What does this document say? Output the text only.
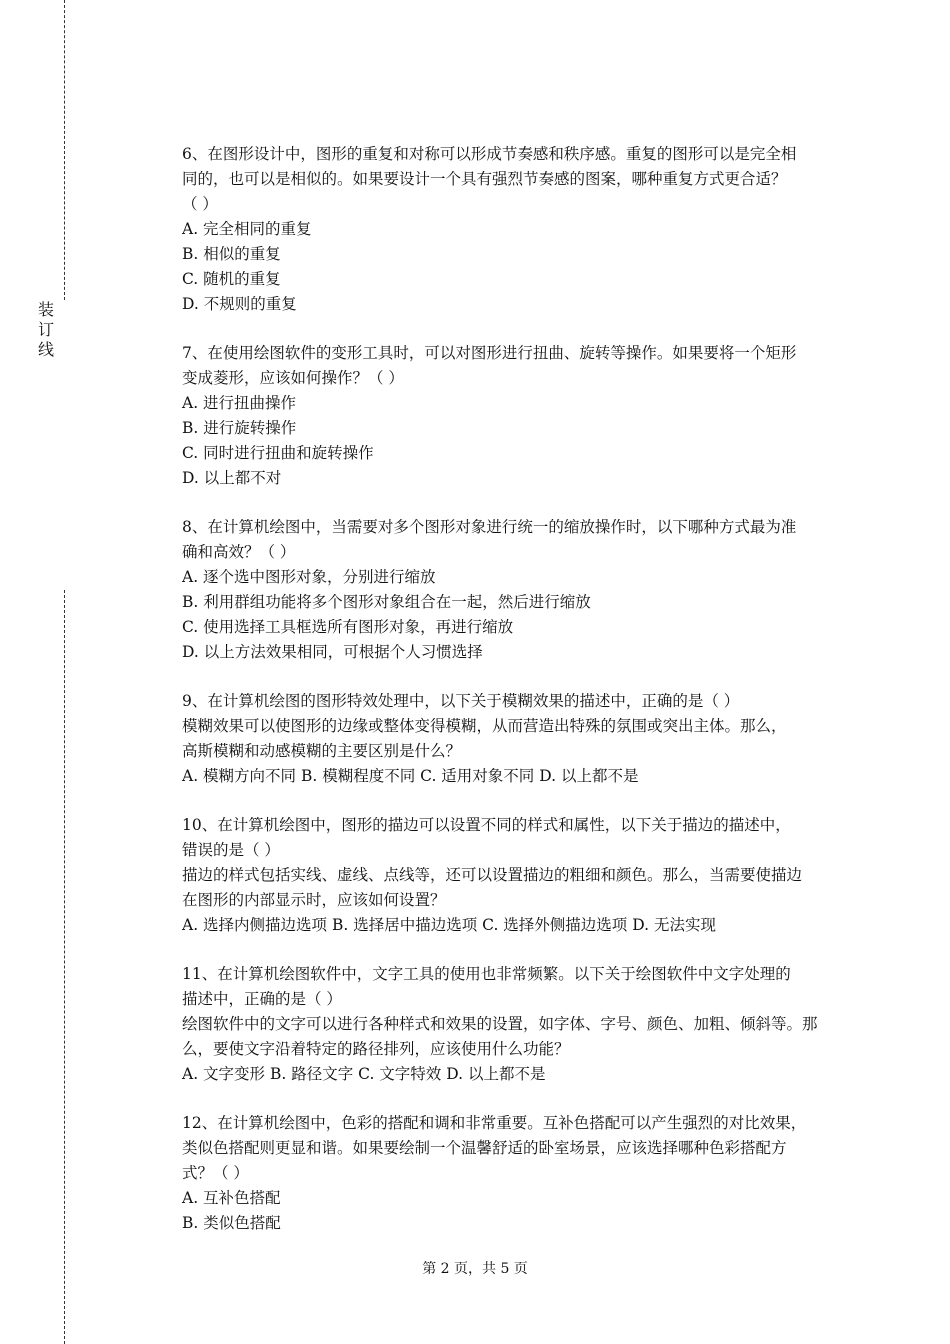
装
订
线
6、在图形设计中，图形的重复和对称可以形成节奏感和秩序感。重复的图形可以是完全相
同的，也可以是相似的。如果要设计一个具有强烈节奏感的图案，哪种重复方式更合适？
（ ）
A. 完全相同的重复
B. 相似的重复
C. 随机的重复
D. 不规则的重复
7、在使用绘图软件的变形工具时，可以对图形进行扭曲、旋转等操作。如果要将一个矩形
变成菱形，应该如何操作？（ ）
A. 进行扭曲操作
B. 进行旋转操作
C. 同时进行扭曲和旋转操作
D. 以上都不对
8、在计算机绘图中，当需要对多个图形对象进行统一的缩放操作时，以下哪种方式最为准
确和高效？（ ）
A. 逐个选中图形对象，分别进行缩放
B. 利用群组功能将多个图形对象组合在一起，然后进行缩放
C. 使用选择工具框选所有图形对象，再进行缩放
D. 以上方法效果相同，可根据个人习惯选择
9、在计算机绘图的图形特效处理中，以下关于模糊效果的描述中，正确的是（ ）
模糊效果可以使图形的边缘或整体变得模糊，从而营造出特殊的氛围或突出主体。那么，
高斯模糊和动感模糊的主要区别是什么？
A. 模糊方向不同 B. 模糊程度不同 C. 适用对象不同 D. 以上都不是
10、在计算机绘图中，图形的描边可以设置不同的样式和属性，以下关于描边的描述中，
错误的是（ ）
描边的样式包括实线、虚线、点线等，还可以设置描边的粗细和颜色。那么，当需要使描边
在图形的内部显示时，应该如何设置？
A. 选择内侧描边选项 B. 选择居中描边选项 C. 选择外侧描边选项 D. 无法实现
11、在计算机绘图软件中，文字工具的使用也非常频繁。以下关于绘图软件中文字处理的
描述中，正确的是（ ）
绘图软件中的文字可以进行各种样式和效果的设置，如字体、字号、颜色、加粗、倾斜等。那
么，要使文字沿着特定的路径排列，应该使用什么功能？
A. 文字变形 B. 路径文字 C. 文字特效 D. 以上都不是
12、在计算机绘图中，色彩的搭配和调和非常重要。互补色搭配可以产生强烈的对比效果，
类似色搭配则更显和谐。如果要绘制一个温馨舒适的卧室场景，应该选择哪种色彩搭配方
式？（ ）
A. 互补色搭配
B. 类似色搭配
第 2 页，共 5 页
